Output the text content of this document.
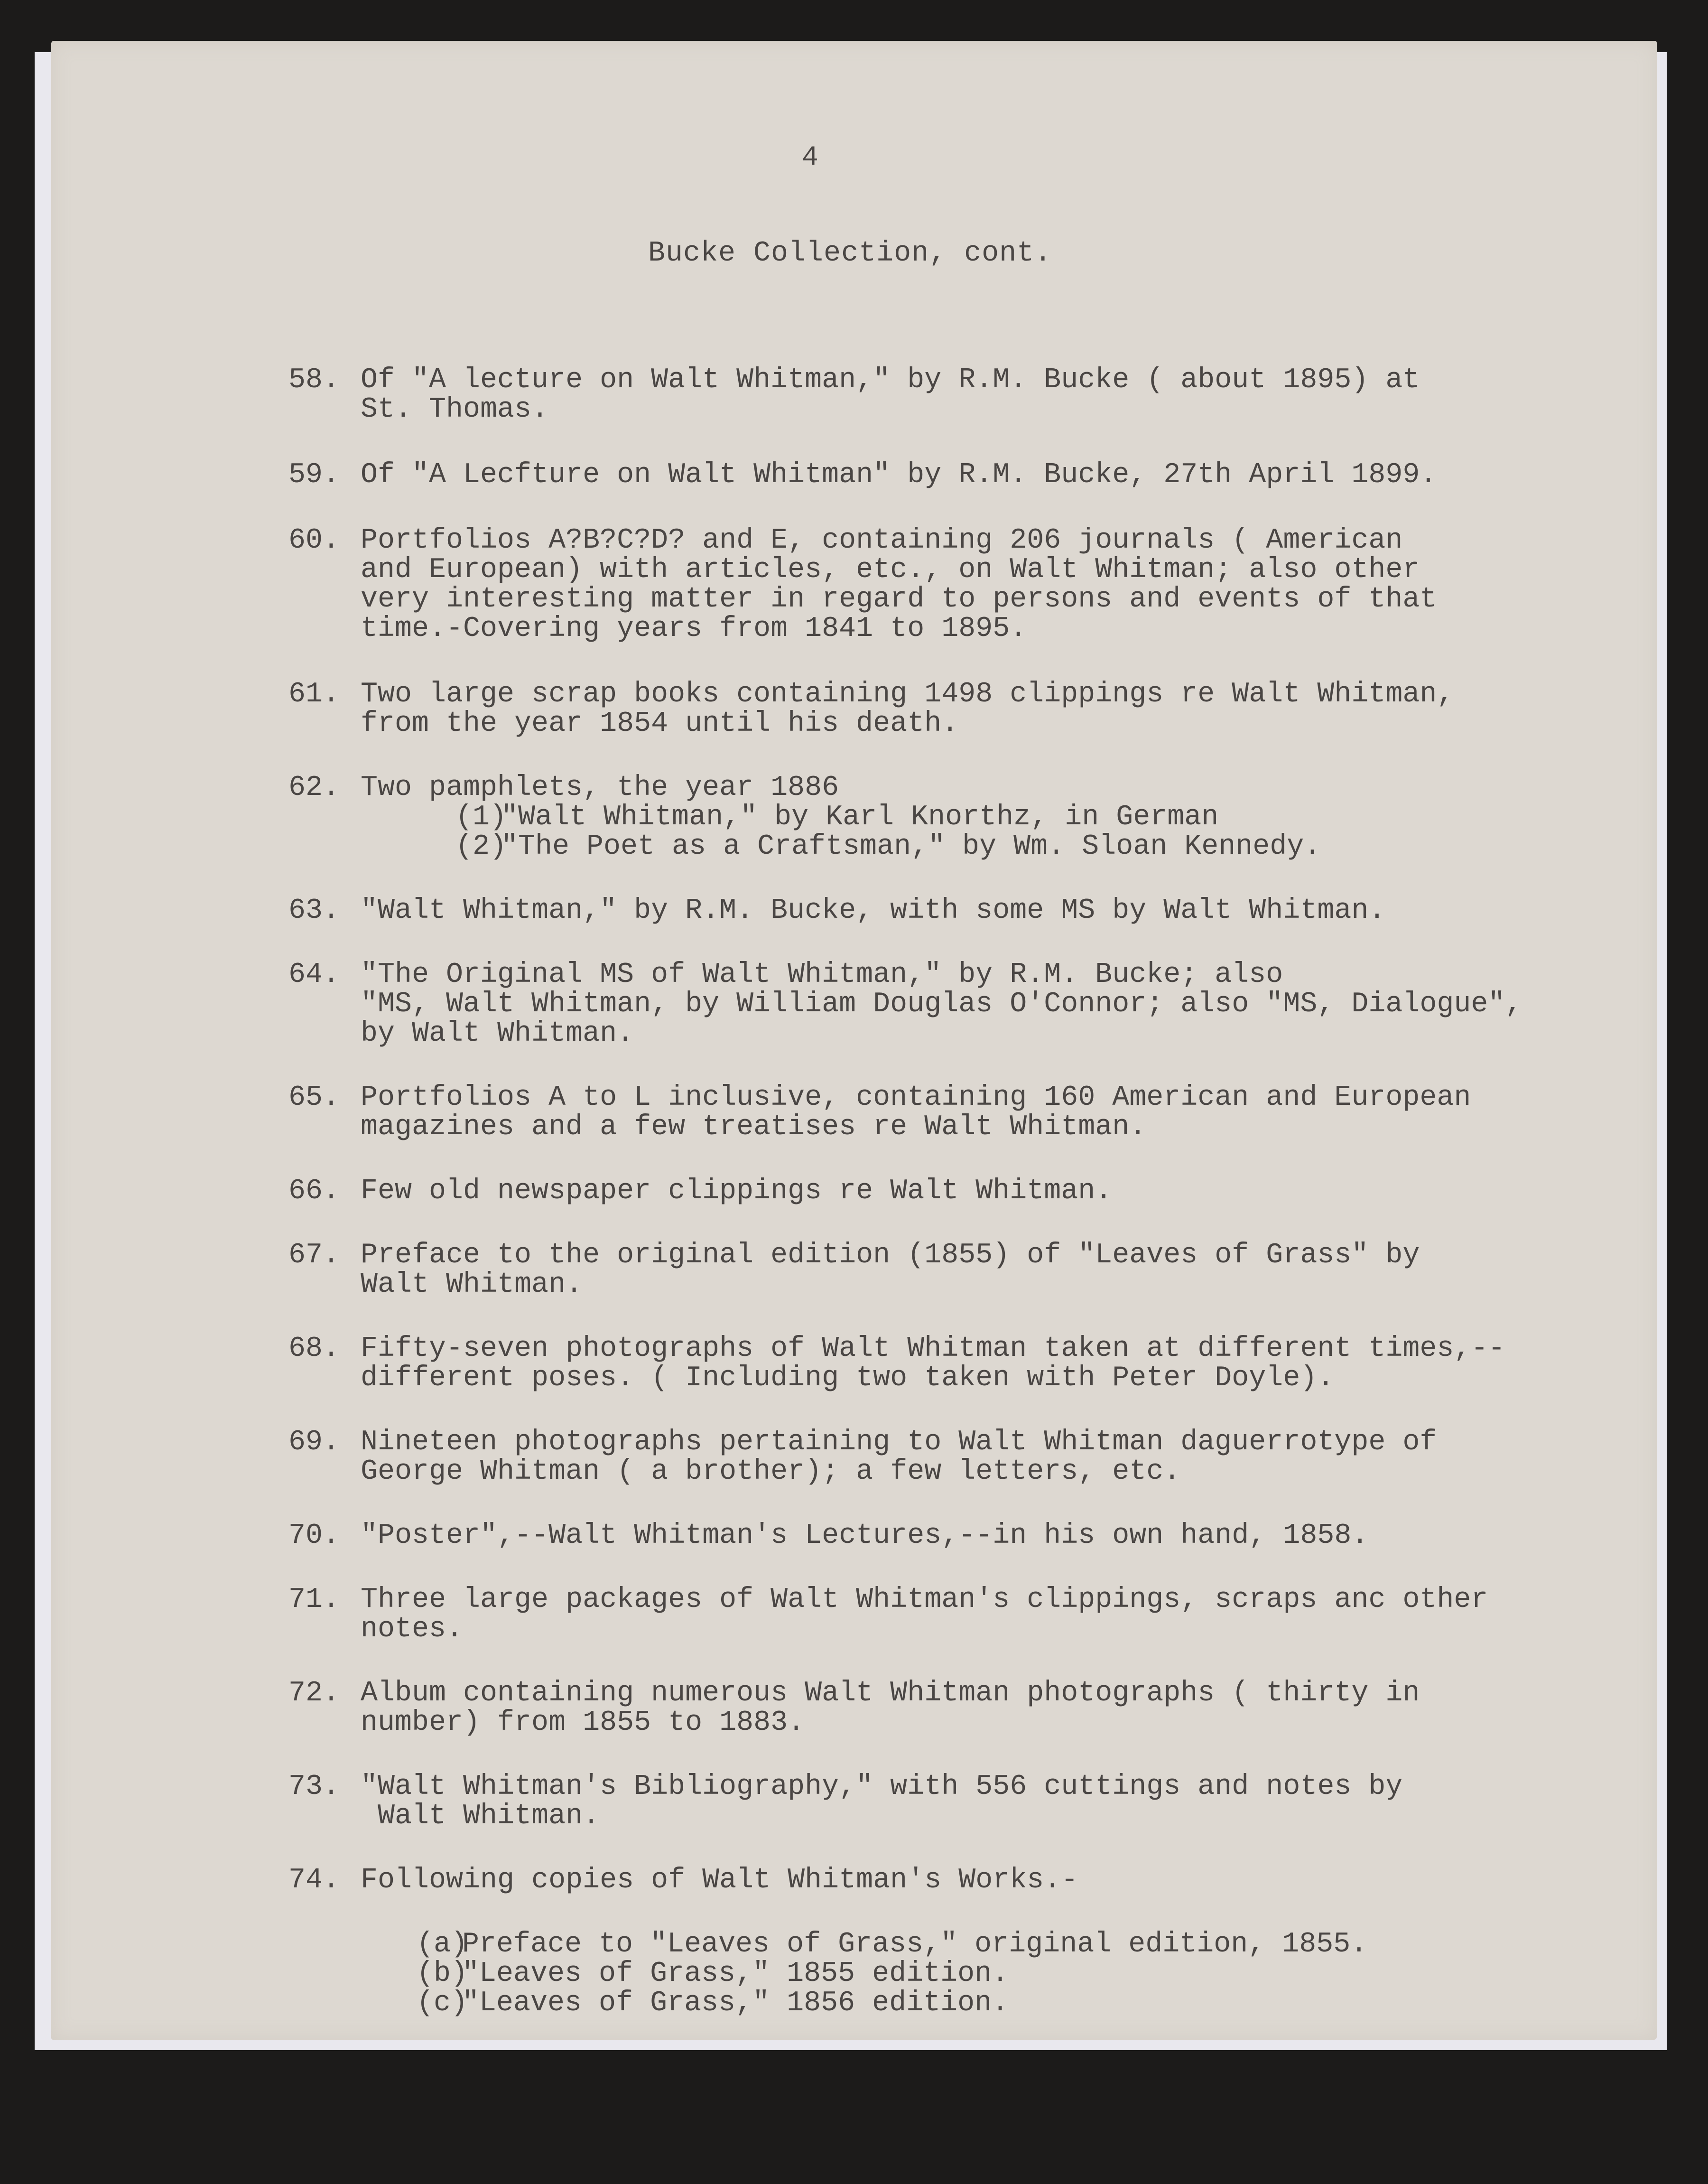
4
Bucke Collection, cont.
58. Of "A lecture on Walt Whitman," by R.M. Bucke ( about 1895) at
St. Thomas.
59. Of "A Lecfture on Walt Whitman" by R.M. Bucke, 27th April 1899.
60. Portfolios A?B?C?D? and E, containing 206 journals ( American
and European) with articles, etc., on Walt Whitman; also other
very interesting matter in regard to persons and events of that
time.-Covering years from 1841 to 1895.
61. Two large scrap books containing 1498 clippings re Walt Whitman,
from the year 1854 until his death.
62. Two pamphlets, the year 1886
(1)
"Walt Whitman," by Karl Knorthz, in German
(2)
"The Poet as a Craftsman," by Wm. Sloan Kennedy.
63. "Walt Whitman," by R.M. Bucke, with some MS by Walt Whitman.
64. "The Original MS of Walt Whitman," by R.M. Bucke; also
"MS, Walt Whitman, by William Douglas O'Connor; also "MS, Dialogue",
by Walt Whitman.
65. Portfolios A to L inclusive, containing 160 American and European
magazines and a few treatises re Walt Whitman.
66. Few old newspaper clippings re Walt Whitman.
67. Preface to the original edition (1855) of "Leaves of Grass" by
Walt Whitman.
68. Fifty-seven photographs of Walt Whitman taken at different times,--
different poses. ( Including two taken with Peter Doyle).
69. Nineteen photographs pertaining to Walt Whitman daguerrotype of
George Whitman ( a brother); a few letters, etc.
70. "Poster",--Walt Whitman's Lectures,--in his own hand, 1858.
71. Three large packages of Walt Whitman's clippings, scraps anc other
notes.
72. Album containing numerous Walt Whitman photographs ( thirty in
number) from 1855 to 1883.
73. "Walt Whitman's Bibliography," with 556 cuttings and notes by
Walt Whitman.
74. Following copies of Walt Whitman's Works.-
(a)
Preface to "Leaves of Grass," original edition, 1855.
(b)
"Leaves of Grass," 1855 edition.
(c)
"Leaves of Grass," 1856 edition.
